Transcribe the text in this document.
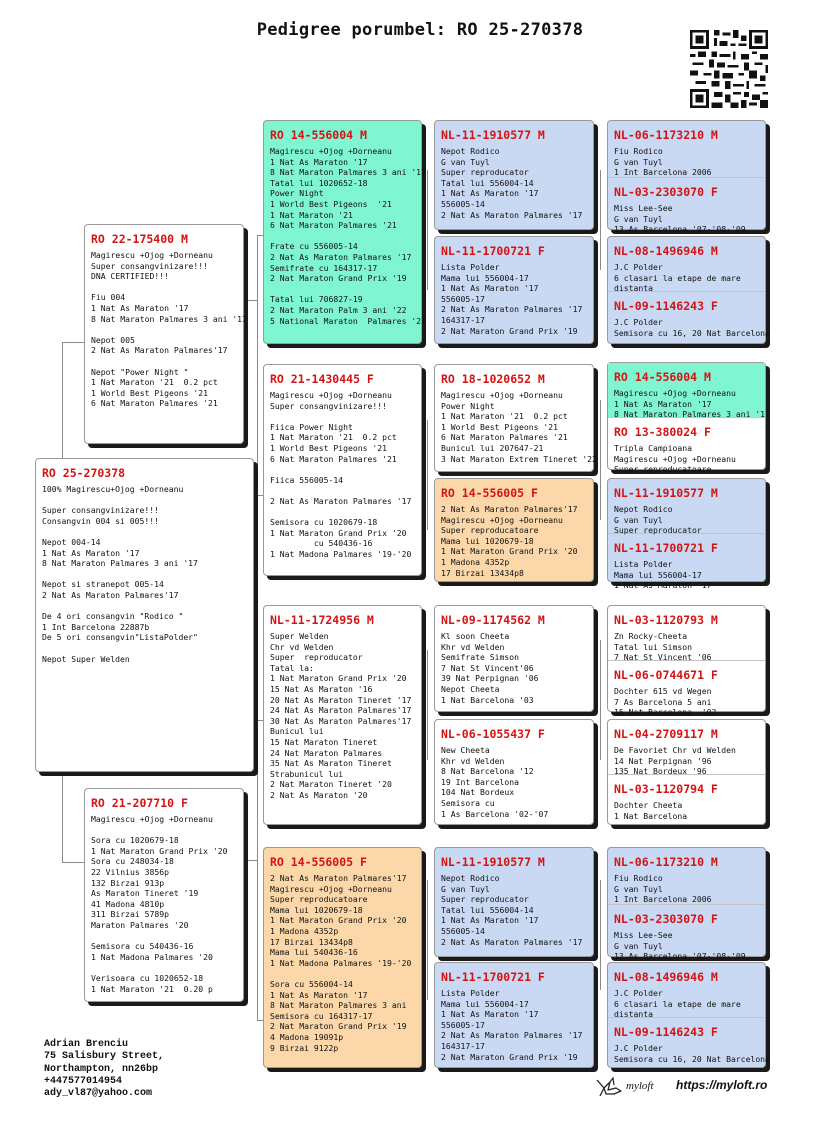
Pedigree porumbel: RO 25-270378
RO 25-270378
100% Magirescu+Ojog +Dorneanu

Super consangvinizare!!!
Consangvin 004 si 005!!!

Nepot 004-14
1 Nat As Maraton '17
8 Nat Maraton Palmares 3 ani '17

Nepot si stranepot 005-14
2 Nat As Maraton Palmares'17

De 4 ori consangvin "Rodico "
1 Int Barcelona 22887b
De 5 ori consangvin"ListaPolder"

Nepot Super Welden
RO 22-175400 M
Magirescu +Ojog +Dorneanu
Super consangvinizare!!!
DNA CERTIFIED!!!

Fiu 004
1 Nat As Maraton '17
8 Nat Maraton Palmares 3 ani '17

Nepot 005
2 Nat As Maraton Palmares'17

Nepot "Power Night "
1 Nat Maraton '21  0.2 pct
1 World Best Pigeons '21
6 Nat Maraton Palmares '21
RO 21-207710 F
Magirescu +Ojog +Dorneanu

Sora cu 1020679-18
1 Nat Maraton Grand Prix '20
Sora cu 248034-18
22 Vilnius 3856p
132 Birzai 913p
As Maraton Tineret '19
41 Madona 4810p
311 Birzai 5789p
Maraton Palmares '20

Semisora cu 540436-16
1 Nat Madona Palmares '20

Verisoara cu 1020652-18
1 Nat Maraton '21  0.20 p
RO 14-556004 M
Magirescu +Ojog +Dorneanu
1 Nat As Maraton '17
8 Nat Maraton Palmares 3 ani '17
Tatal lui 1020652-18
Power Night
1 World Best Pigeons  '21
1 Nat Maraton '21
6 Nat Maraton Palmares '21

Frate cu 556005-14
2 Nat As Maraton Palmares '17
Semifrate cu 164317-17
2 Nat Maraton Grand Prix '19

Tatal lui 706827-19
2 Nat Maraton Palm 3 ani '22
5 National Maraton  Palmares '21
RO 21-1430445 F
Magirescu +Ojog +Dorneanu
Super consangvinizare!!!

Fiica Power Night
1 Nat Maraton '21  0.2 pct
1 World Best Pigeons '21
6 Nat Maraton Palmares '21

Fiica 556005-14

2 Nat As Maraton Palmares '17

Semisora cu 1020679-18
1 Nat Maraton Grand Prix '20
cu 540436-16
1 Nat Madona Palmares '19-'20
NL-11-1724956 M
Super Welden
Chr vd Welden
Super  reproducator
Tatal la:
1 Nat Maraton Grand Prix '20
15 Nat As Maraton '16
20 Nat As Maraton Tineret '17
24 Nat As Maraton Palmares'17
30 Nat As Maraton Palmares'17
Bunicul lui
15 Nat Maraton Tineret
24 Nat Maraton Palmares
35 Nat As Maraton Tineret
Strabunicul lui
2 Nat Maraton Tineret '20
2 Nat As Maraton '20
RO 14-556005 F
2 Nat As Maraton Palmares'17
Magirescu +Ojog +Dorneanu
Super reproducatoare
Mama lui 1020679-18
1 Nat Maraton Grand Prix '20
1 Madona 4352p
17 Birzai 13434p8
Mama lui 540436-16
1 Nat Madona Palmares '19-'20

Sora cu 556004-14
1 Nat As Maraton '17
8 Nat Maraton Palmares 3 ani
Semisora cu 164317-17
2 Nat Maraton Grand Prix '19
4 Madona 19091p
9 Birzai 9122p
NL-11-1910577 M
Nepot Rodico
G van Tuyl
Super reproducator
Tatal lui 556004-14
1 Nat As Maraton '17
556005-14
2 Nat As Maraton Palmares '17
NL-11-1700721 F
Lista Polder
Mama lui 556004-17
1 Nat As Maraton '17
556005-17
2 Nat As Maraton Palmares '17
164317-17
2 Nat Maraton Grand Prix '19
RO 18-1020652 M
Magirescu +Ojog +Dorneanu
Power Night
1 Nat Maraton '21  0.2 pct
1 World Best Pigeons '21
6 Nat Maraton Palmares '21
Bunicul lui 207647-21
3 Nat Maraton Extrem Tineret '22
RO 14-556005 F
2 Nat As Maraton Palmares'17
Magirescu +Ojog +Dorneanu
Super reproducatoare
Mama lui 1020679-18
1 Nat Maraton Grand Prix '20
1 Madona 4352p
17 Birzai 13434p8
NL-09-1174562 M
Kl soon Cheeta
Khr vd Welden
Semifrate Simson
7 Nat St Vincent'06
39 Nat Perpignan '06
Nepot Cheeta
1 Nat Barcelona '03
NL-06-1055437 F
New Cheeta
Khr vd Welden
8 Nat Barcelona '12
19 Int Barcelona
104 Nat Bordeux
Semisora cu
1 As Barcelona '02-'07
NL-11-1910577 M
Nepot Rodico
G van Tuyl
Super reproducator
Tatal lui 556004-14
1 Nat As Maraton '17
556005-14
2 Nat As Maraton Palmares '17
NL-11-1700721 F
Lista Polder
Mama lui 556004-17
1 Nat As Maraton '17
556005-17
2 Nat As Maraton Palmares '17
164317-17
2 Nat Maraton Grand Prix '19
NL-06-1173210 M
Fiu Rodico
G van Tuyl
1 Int Barcelona 2006
NL-03-2303070 F
Miss Lee-See
G van Tuyl
13 As Barcelona '07-'08-'09
NL-08-1496946 M
J.C Polder
6 clasari la etape de mare
distanta
NL-09-1146243 F
J.C Polder
Semisora cu 16, 20 Nat Barcelona
RO 14-556004 M
Magirescu +Ojog +Dorneanu
1 Nat As Maraton '17
8 Nat Maraton Palmares 3 ani '17
RO 13-380024 F
Tripla Campioana
Magirescu +Ojog +Dorneanu
Super reproducatoare
NL-11-1910577 M
Nepot Rodico
G van Tuyl
Super reproducator
NL-11-1700721 F
Lista Polder
Mama lui 556004-17
1 Nat As Maraton '17
NL-03-1120793 M
Zn Rocky-Cheeta
Tatal lui Simson
7 Nat St Vincent '06
NL-06-0744671 F
Dochter 615 vd Wegen
7 As Barcelona 5 ani
15 Nat Barcelona  '02
NL-04-2709117 M
De Favoriet Chr vd Welden
14 Nat Perpignan '96
135 Nat Bordeux '96
NL-03-1120794 F
Dochter Cheeta
1 Nat Barcelona
NL-06-1173210 M
Fiu Rodico
G van Tuyl
1 Int Barcelona 2006
NL-03-2303070 F
Miss Lee-See
G van Tuyl
13 As Barcelona '07-'08-'09
NL-08-1496946 M
J.C Polder
6 clasari la etape de mare
distanta
NL-09-1146243 F
J.C Polder
Semisora cu 16, 20 Nat Barcelona
Adrian Brenciu
75 Salisbury Street,
Northampton, nn26bp
+447577014954
ady_vl87@yahoo.com
myloft https://myloft.ro
